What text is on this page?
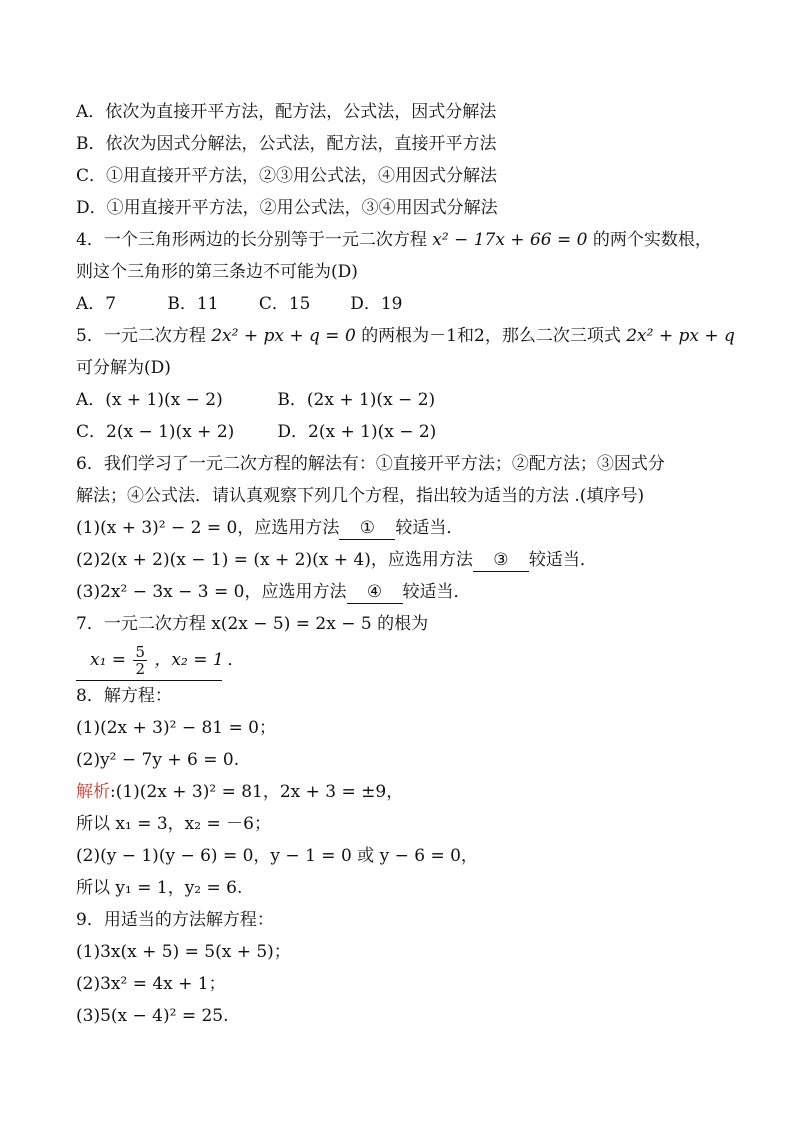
A．依次为直接开平方法，配方法，公式法，因式分解法
B．依次为因式分解法，公式法，配方法，直接开平方法
C．①用直接开平方法，②③用公式法，④用因式分解法
D．①用直接开平方法，②用公式法，③④用因式分解法
4．一个三角形两边的长分别等于一元二次方程 x² − 17x + 66 = 0 的两个实数根，
则这个三角形的第三条边不可能为(D)
A．7	B．11 C．15 D．19
5．一元二次方程 2x² + px + q = 0 的两根为－1和2，那么二次三项式 2x² + px + q
可分解为(D)
A．(x + 1)(x − 2)	B．(2x + 1)(x − 2)
C．2(x − 1)(x + 2)	D．2(x + 1)(x − 2)
6．我们学习了一元二次方程的解法有：①直接开平方法；②配方法；③因式分
解法；④公式法．请认真观察下列几个方程，指出较为适当的方法 .(填序号)
(1)(x + 3)² − 2 = 0，应选用方法 ① 较适当．
(2)2(x + 2)(x − 1) = (x + 2)(x + 4)，应选用方法 ③ 较适当．
(3)2x² − 3x − 3 = 0，应选用方法 ④ 较适当．
7．一元二次方程 x(2x − 5) = 2x − 5 的根为
$x_1 = \frac{5}{2}$ ，x₂ = 1 ．
8．解方程：
(1)(2x + 3)² − 81 = 0；
(2)y² − 7y + 6 = 0.
解析:(1)(2x + 3)² = 81，2x + 3 = ±9，
所以 x₁ = 3，x₂ = －6；
(2)(y − 1)(y − 6) = 0，y − 1 = 0 或 y − 6 = 0，
所以 y₁ = 1，y₂ = 6.
9．用适当的方法解方程：
(1)3x(x + 5) = 5(x + 5)；
(2)3x² = 4x + 1；
(3)5(x − 4)² = 25.
